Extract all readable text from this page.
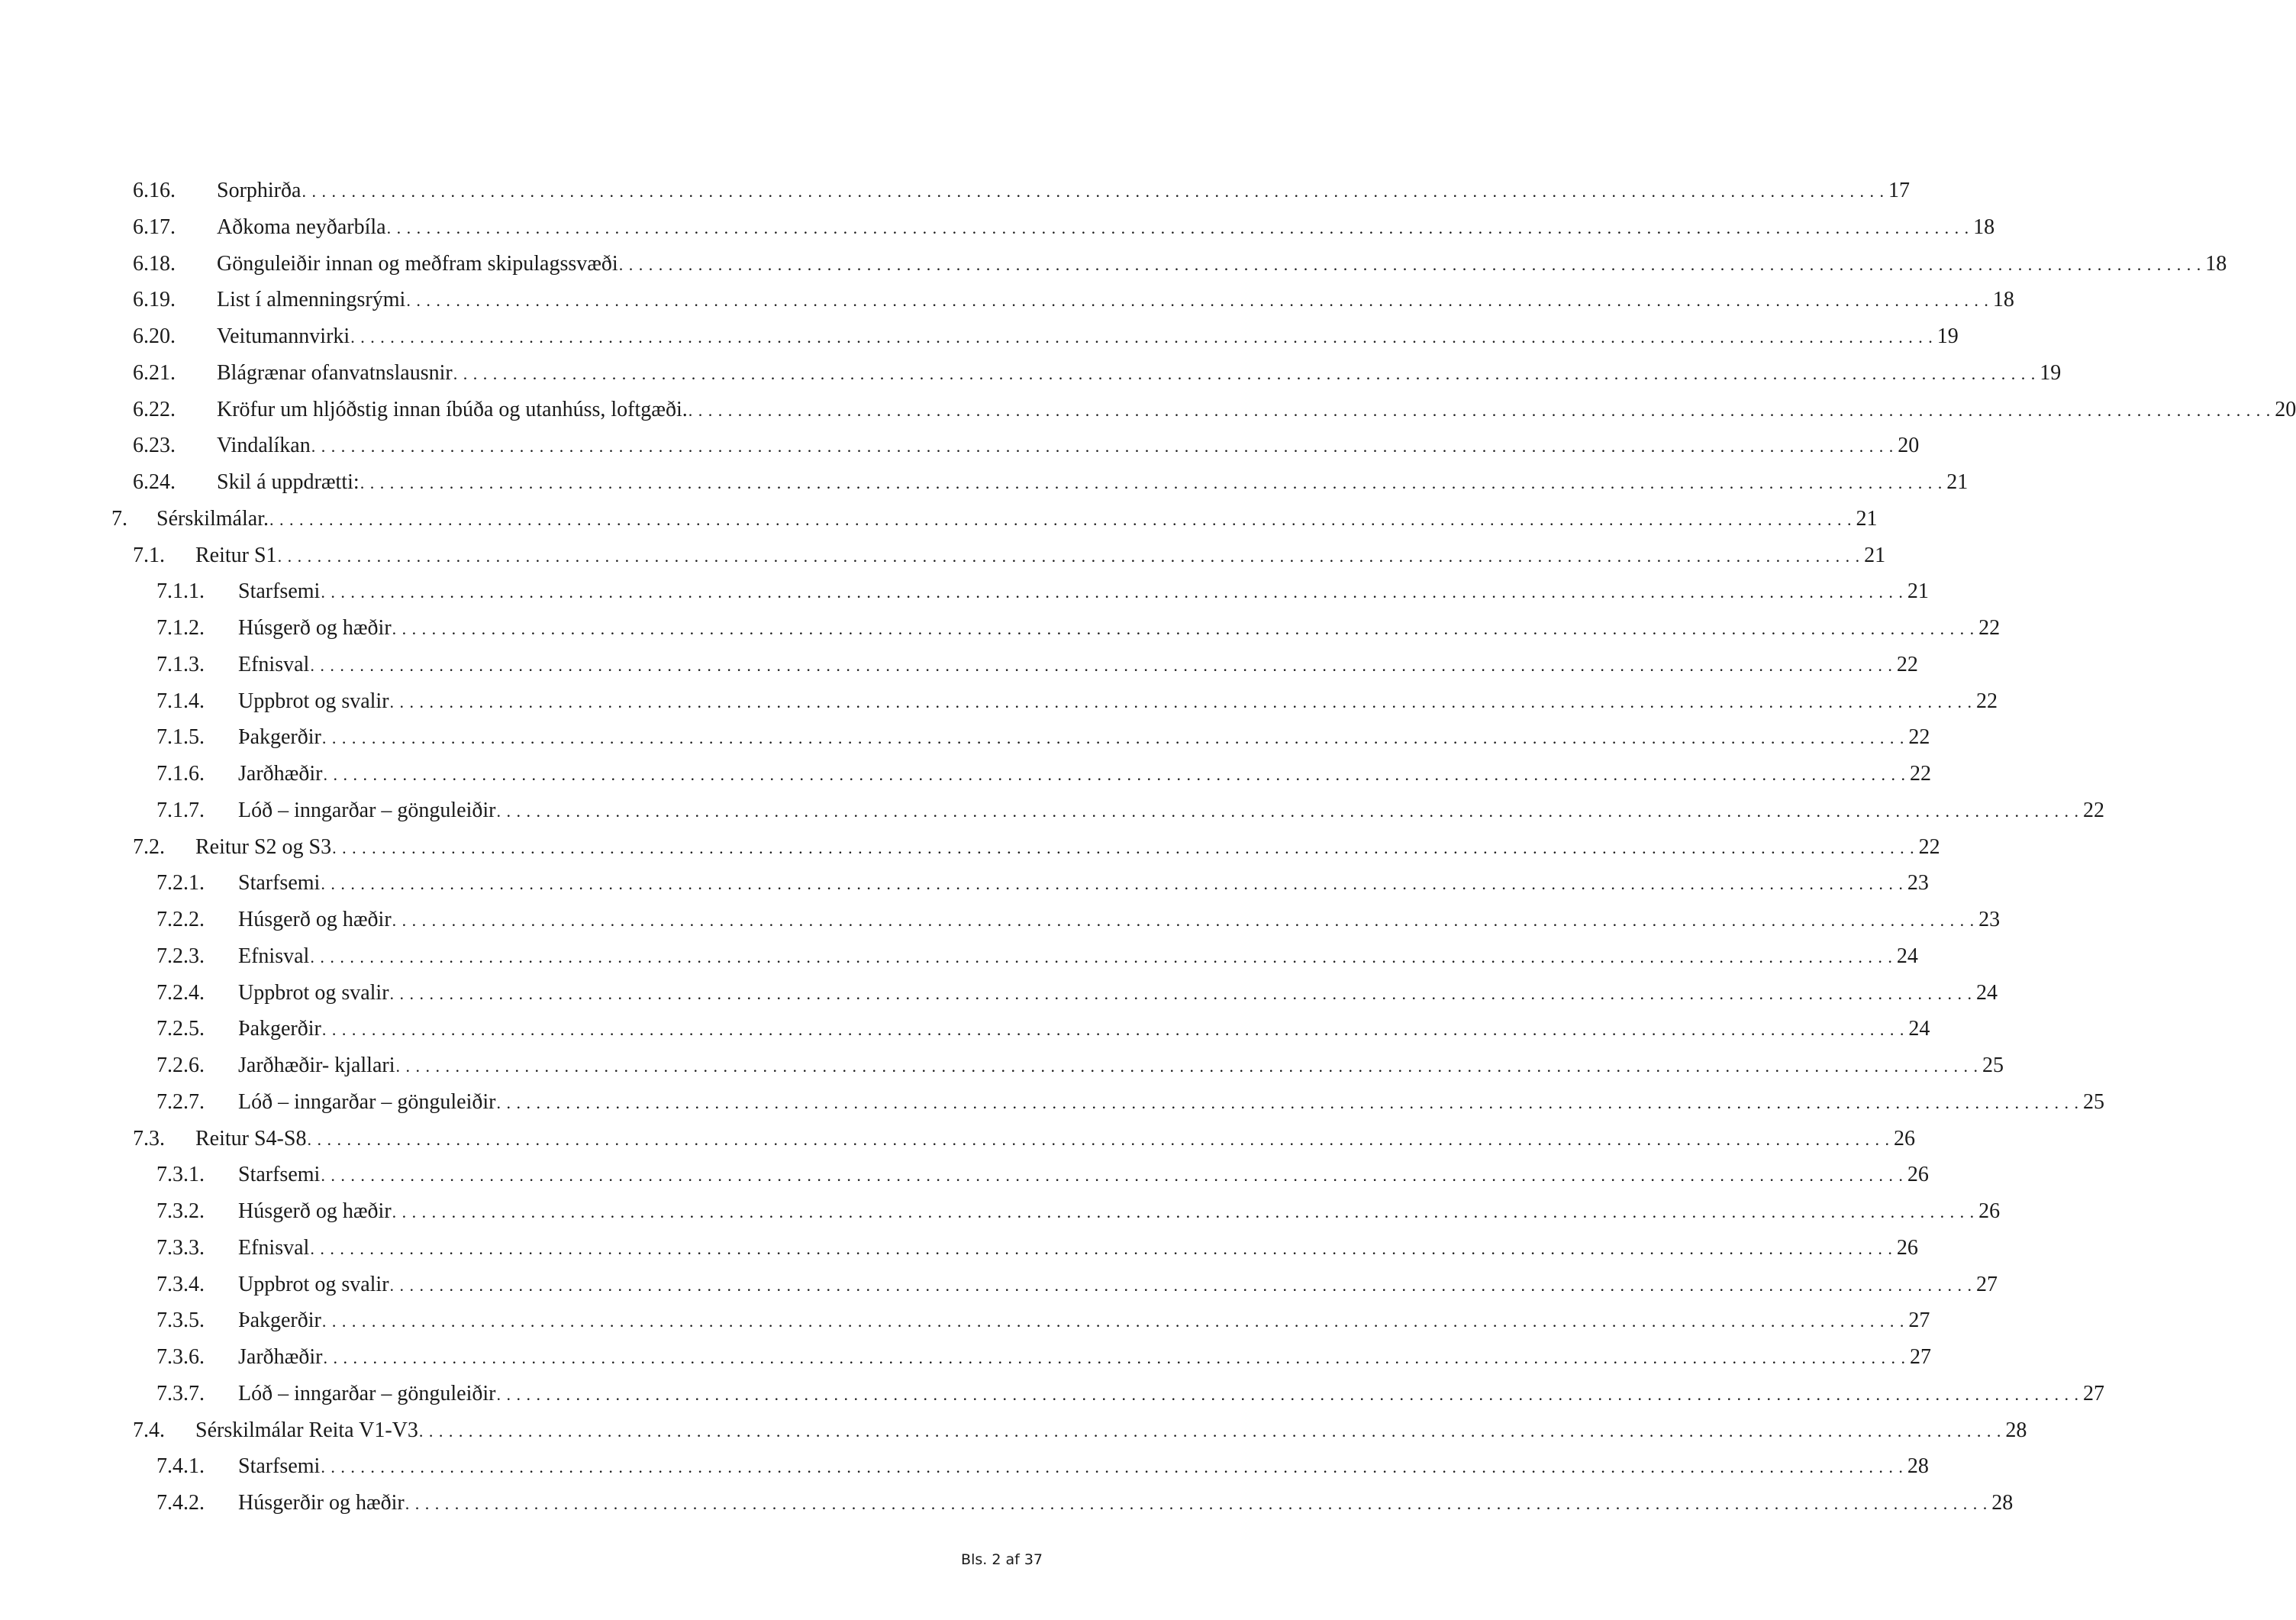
6.16. Sorphirða . . . . . . . . . . . . . . . . . . . . . . . . . . . . . . . . . . . . . . . . . . . . . . . . . . . . . . . . . . . . . . . . . . . . . . . . . . . . . . . . . . . . . . . . . . . . . . . . . . . . . . . . . . . . . . . . . . . . . . . . . . . . . . . . . . . . . . . . . . . . . . . . . . . . . . . . . . . . . . . . 17
6.17. Aðkoma neyðarbíla . . . . . . . . . . . . . . . . . . . . . . . . . . . . . . . . . . . . . . . . . . . . . . . . . . . . . . . . . . . . . . . . . . . . . . . . . . . . . . . . . . . . . . . . . . . . . . . . . . . . . . . . . . . . . . . . . . . . . . . . . . . . . . . . . . . . . . . . . . . . . . . . . . . . . . . . . . . . . . . . 18
6.18. Gönguleiðir innan og meðfram skipulagssvæði . . . . . . . . . . . . . . . . . . . . . . . . . . . . . . . . . . . . . . . . . . . . . . . . . . . . . . . . . . . . . . . . . . . . . . . . . . . . . . . . . . . . . . . . . . . . . . . . . . . . . . . . . . . . . . . . . . . . . . . . . . . . . . . . . . . . . . . . . . . . . . . . . . . . . . . . . . . . . . . . 18
6.19. List í almenningsrými . . . . . . . . . . . . . . . . . . . . . . . . . . . . . . . . . . . . . . . . . . . . . . . . . . . . . . . . . . . . . . . . . . . . . . . . . . . . . . . . . . . . . . . . . . . . . . . . . . . . . . . . . . . . . . . . . . . . . . . . . . . . . . . . . . . . . . . . . . . . . . . . . . . . . . . . . . . . . . . . 18
6.20. Veitumannvirki . . . . . . . . . . . . . . . . . . . . . . . . . . . . . . . . . . . . . . . . . . . . . . . . . . . . . . . . . . . . . . . . . . . . . . . . . . . . . . . . . . . . . . . . . . . . . . . . . . . . . . . . . . . . . . . . . . . . . . . . . . . . . . . . . . . . . . . . . . . . . . . . . . . . . . . . . . . . . . . . 19
6.21. Blágrænar ofanvatnslausnir . . . . . . . . . . . . . . . . . . . . . . . . . . . . . . . . . . . . . . . . . . . . . . . . . . . . . . . . . . . . . . . . . . . . . . . . . . . . . . . . . . . . . . . . . . . . . . . . . . . . . . . . . . . . . . . . . . . . . . . . . . . . . . . . . . . . . . . . . . . . . . . . . . . . . . . . . . . . . . . . 19
6.22. Kröfur um hljóðstig innan íbúða og utanhúss, loftgæði. . . . . . . . . . . . . . . . . . . . . . . . . . . . . . . . . . . . . . . . . . . . . . . . . . . . . . . . . . . . . . . . . . . . . . . . . . . . . . . . . . . . . . . . . . . . . . . . . . . . . . . . . . . . . . . . . . . . . . . . . . . . . . . . . . . . . . . . . . . . . . . . . . . . . . . . . . . . . . . . . 20
6.23. Vindalíkan . . . . . . . . . . . . . . . . . . . . . . . . . . . . . . . . . . . . . . . . . . . . . . . . . . . . . . . . . . . . . . . . . . . . . . . . . . . . . . . . . . . . . . . . . . . . . . . . . . . . . . . . . . . . . . . . . . . . . . . . . . . . . . . . . . . . . . . . . . . . . . . . . . . . . . . . . . . . . . . . 20
6.24. Skil á uppdrætti: . . . . . . . . . . . . . . . . . . . . . . . . . . . . . . . . . . . . . . . . . . . . . . . . . . . . . . . . . . . . . . . . . . . . . . . . . . . . . . . . . . . . . . . . . . . . . . . . . . . . . . . . . . . . . . . . . . . . . . . . . . . . . . . . . . . . . . . . . . . . . . . . . . . . . . . . . . . . . . . . 21
7. Sérskilmálar. . . . . . . . . . . . . . . . . . . . . . . . . . . . . . . . . . . . . . . . . . . . . . . . . . . . . . . . . . . . . . . . . . . . . . . . . . . . . . . . . . . . . . . . . . . . . . . . . . . . . . . . . . . . . . . . . . . . . . . . . . . . . . . . . . . . . . . . . . . . . . . . . . . . . . . . . . . . . . . . . 21
7.1. Reitur S1 . . . . . . . . . . . . . . . . . . . . . . . . . . . . . . . . . . . . . . . . . . . . . . . . . . . . . . . . . . . . . . . . . . . . . . . . . . . . . . . . . . . . . . . . . . . . . . . . . . . . . . . . . . . . . . . . . . . . . . . . . . . . . . . . . . . . . . . . . . . . . . . . . . . . . . . . . . . . . . . . 21
7.1.1. Starfsemi . . . . . . . . . . . . . . . . . . . . . . . . . . . . . . . . . . . . . . . . . . . . . . . . . . . . . . . . . . . . . . . . . . . . . . . . . . . . . . . . . . . . . . . . . . . . . . . . . . . . . . . . . . . . . . . . . . . . . . . . . . . . . . . . . . . . . . . . . . . . . . . . . . . . . . . . . . . . . . . . 21
7.1.2. Húsgerð og hæðir . . . . . . . . . . . . . . . . . . . . . . . . . . . . . . . . . . . . . . . . . . . . . . . . . . . . . . . . . . . . . . . . . . . . . . . . . . . . . . . . . . . . . . . . . . . . . . . . . . . . . . . . . . . . . . . . . . . . . . . . . . . . . . . . . . . . . . . . . . . . . . . . . . . . . . . . . . . . . . . . 22
7.1.3. Efnisval . . . . . . . . . . . . . . . . . . . . . . . . . . . . . . . . . . . . . . . . . . . . . . . . . . . . . . . . . . . . . . . . . . . . . . . . . . . . . . . . . . . . . . . . . . . . . . . . . . . . . . . . . . . . . . . . . . . . . . . . . . . . . . . . . . . . . . . . . . . . . . . . . . . . . . . . . . . . . . . . 22
7.1.4. Uppbrot og svalir . . . . . . . . . . . . . . . . . . . . . . . . . . . . . . . . . . . . . . . . . . . . . . . . . . . . . . . . . . . . . . . . . . . . . . . . . . . . . . . . . . . . . . . . . . . . . . . . . . . . . . . . . . . . . . . . . . . . . . . . . . . . . . . . . . . . . . . . . . . . . . . . . . . . . . . . . . . . . . . . 22
7.1.5. Þakgerðir . . . . . . . . . . . . . . . . . . . . . . . . . . . . . . . . . . . . . . . . . . . . . . . . . . . . . . . . . . . . . . . . . . . . . . . . . . . . . . . . . . . . . . . . . . . . . . . . . . . . . . . . . . . . . . . . . . . . . . . . . . . . . . . . . . . . . . . . . . . . . . . . . . . . . . . . . . . . . . . . 22
7.1.6. Jarðhæðir . . . . . . . . . . . . . . . . . . . . . . . . . . . . . . . . . . . . . . . . . . . . . . . . . . . . . . . . . . . . . . . . . . . . . . . . . . . . . . . . . . . . . . . . . . . . . . . . . . . . . . . . . . . . . . . . . . . . . . . . . . . . . . . . . . . . . . . . . . . . . . . . . . . . . . . . . . . . . . . . 22
7.1.7. Lóð – inngarðar – gönguleiðir . . . . . . . . . . . . . . . . . . . . . . . . . . . . . . . . . . . . . . . . . . . . . . . . . . . . . . . . . . . . . . . . . . . . . . . . . . . . . . . . . . . . . . . . . . . . . . . . . . . . . . . . . . . . . . . . . . . . . . . . . . . . . . . . . . . . . . . . . . . . . . . . . . . . . . . . . . . . . . . . 22
7.2. Reitur S2 og S3 . . . . . . . . . . . . . . . . . . . . . . . . . . . . . . . . . . . . . . . . . . . . . . . . . . . . . . . . . . . . . . . . . . . . . . . . . . . . . . . . . . . . . . . . . . . . . . . . . . . . . . . . . . . . . . . . . . . . . . . . . . . . . . . . . . . . . . . . . . . . . . . . . . . . . . . . . . . . . . . . 22
7.2.1. Starfsemi . . . . . . . . . . . . . . . . . . . . . . . . . . . . . . . . . . . . . . . . . . . . . . . . . . . . . . . . . . . . . . . . . . . . . . . . . . . . . . . . . . . . . . . . . . . . . . . . . . . . . . . . . . . . . . . . . . . . . . . . . . . . . . . . . . . . . . . . . . . . . . . . . . . . . . . . . . . . . . . . 23
7.2.2. Húsgerð og hæðir . . . . . . . . . . . . . . . . . . . . . . . . . . . . . . . . . . . . . . . . . . . . . . . . . . . . . . . . . . . . . . . . . . . . . . . . . . . . . . . . . . . . . . . . . . . . . . . . . . . . . . . . . . . . . . . . . . . . . . . . . . . . . . . . . . . . . . . . . . . . . . . . . . . . . . . . . . . . . . . . 23
7.2.3. Efnisval . . . . . . . . . . . . . . . . . . . . . . . . . . . . . . . . . . . . . . . . . . . . . . . . . . . . . . . . . . . . . . . . . . . . . . . . . . . . . . . . . . . . . . . . . . . . . . . . . . . . . . . . . . . . . . . . . . . . . . . . . . . . . . . . . . . . . . . . . . . . . . . . . . . . . . . . . . . . . . . . 24
7.2.4. Uppbrot og svalir . . . . . . . . . . . . . . . . . . . . . . . . . . . . . . . . . . . . . . . . . . . . . . . . . . . . . . . . . . . . . . . . . . . . . . . . . . . . . . . . . . . . . . . . . . . . . . . . . . . . . . . . . . . . . . . . . . . . . . . . . . . . . . . . . . . . . . . . . . . . . . . . . . . . . . . . . . . . . . . . 24
7.2.5. Þakgerðir . . . . . . . . . . . . . . . . . . . . . . . . . . . . . . . . . . . . . . . . . . . . . . . . . . . . . . . . . . . . . . . . . . . . . . . . . . . . . . . . . . . . . . . . . . . . . . . . . . . . . . . . . . . . . . . . . . . . . . . . . . . . . . . . . . . . . . . . . . . . . . . . . . . . . . . . . . . . . . . . 24
7.2.6. Jarðhæðir- kjallari . . . . . . . . . . . . . . . . . . . . . . . . . . . . . . . . . . . . . . . . . . . . . . . . . . . . . . . . . . . . . . . . . . . . . . . . . . . . . . . . . . . . . . . . . . . . . . . . . . . . . . . . . . . . . . . . . . . . . . . . . . . . . . . . . . . . . . . . . . . . . . . . . . . . . . . . . . . . . . . . 25
7.2.7. Lóð – inngarðar – gönguleiðir . . . . . . . . . . . . . . . . . . . . . . . . . . . . . . . . . . . . . . . . . . . . . . . . . . . . . . . . . . . . . . . . . . . . . . . . . . . . . . . . . . . . . . . . . . . . . . . . . . . . . . . . . . . . . . . . . . . . . . . . . . . . . . . . . . . . . . . . . . . . . . . . . . . . . . . . . . . . . . . . 25
7.3. Reitur S4-S8 . . . . . . . . . . . . . . . . . . . . . . . . . . . . . . . . . . . . . . . . . . . . . . . . . . . . . . . . . . . . . . . . . . . . . . . . . . . . . . . . . . . . . . . . . . . . . . . . . . . . . . . . . . . . . . . . . . . . . . . . . . . . . . . . . . . . . . . . . . . . . . . . . . . . . . . . . . . . . . . . 26
7.3.1. Starfsemi . . . . . . . . . . . . . . . . . . . . . . . . . . . . . . . . . . . . . . . . . . . . . . . . . . . . . . . . . . . . . . . . . . . . . . . . . . . . . . . . . . . . . . . . . . . . . . . . . . . . . . . . . . . . . . . . . . . . . . . . . . . . . . . . . . . . . . . . . . . . . . . . . . . . . . . . . . . . . . . . 26
7.3.2. Húsgerð og hæðir . . . . . . . . . . . . . . . . . . . . . . . . . . . . . . . . . . . . . . . . . . . . . . . . . . . . . . . . . . . . . . . . . . . . . . . . . . . . . . . . . . . . . . . . . . . . . . . . . . . . . . . . . . . . . . . . . . . . . . . . . . . . . . . . . . . . . . . . . . . . . . . . . . . . . . . . . . . . . . . . 26
7.3.3. Efnisval . . . . . . . . . . . . . . . . . . . . . . . . . . . . . . . . . . . . . . . . . . . . . . . . . . . . . . . . . . . . . . . . . . . . . . . . . . . . . . . . . . . . . . . . . . . . . . . . . . . . . . . . . . . . . . . . . . . . . . . . . . . . . . . . . . . . . . . . . . . . . . . . . . . . . . . . . . . . . . . . 26
7.3.4. Uppbrot og svalir . . . . . . . . . . . . . . . . . . . . . . . . . . . . . . . . . . . . . . . . . . . . . . . . . . . . . . . . . . . . . . . . . . . . . . . . . . . . . . . . . . . . . . . . . . . . . . . . . . . . . . . . . . . . . . . . . . . . . . . . . . . . . . . . . . . . . . . . . . . . . . . . . . . . . . . . . . . . . . . . 27
7.3.5. Þakgerðir . . . . . . . . . . . . . . . . . . . . . . . . . . . . . . . . . . . . . . . . . . . . . . . . . . . . . . . . . . . . . . . . . . . . . . . . . . . . . . . . . . . . . . . . . . . . . . . . . . . . . . . . . . . . . . . . . . . . . . . . . . . . . . . . . . . . . . . . . . . . . . . . . . . . . . . . . . . . . . . . 27
7.3.6. Jarðhæðir . . . . . . . . . . . . . . . . . . . . . . . . . . . . . . . . . . . . . . . . . . . . . . . . . . . . . . . . . . . . . . . . . . . . . . . . . . . . . . . . . . . . . . . . . . . . . . . . . . . . . . . . . . . . . . . . . . . . . . . . . . . . . . . . . . . . . . . . . . . . . . . . . . . . . . . . . . . . . . . . 27
7.3.7. Lóð – inngarðar – gönguleiðir . . . . . . . . . . . . . . . . . . . . . . . . . . . . . . . . . . . . . . . . . . . . . . . . . . . . . . . . . . . . . . . . . . . . . . . . . . . . . . . . . . . . . . . . . . . . . . . . . . . . . . . . . . . . . . . . . . . . . . . . . . . . . . . . . . . . . . . . . . . . . . . . . . . . . . . . . . . . . . . . 27
7.4. Sérskilmálar Reita V1-V3 . . . . . . . . . . . . . . . . . . . . . . . . . . . . . . . . . . . . . . . . . . . . . . . . . . . . . . . . . . . . . . . . . . . . . . . . . . . . . . . . . . . . . . . . . . . . . . . . . . . . . . . . . . . . . . . . . . . . . . . . . . . . . . . . . . . . . . . . . . . . . . . . . . . . . . . . . . . . . . . . 28
7.4.1. Starfsemi . . . . . . . . . . . . . . . . . . . . . . . . . . . . . . . . . . . . . . . . . . . . . . . . . . . . . . . . . . . . . . . . . . . . . . . . . . . . . . . . . . . . . . . . . . . . . . . . . . . . . . . . . . . . . . . . . . . . . . . . . . . . . . . . . . . . . . . . . . . . . . . . . . . . . . . . . . . . . . . . 28
7.4.2. Húsgerðir og hæðir . . . . . . . . . . . . . . . . . . . . . . . . . . . . . . . . . . . . . . . . . . . . . . . . . . . . . . . . . . . . . . . . . . . . . . . . . . . . . . . . . . . . . . . . . . . . . . . . . . . . . . . . . . . . . . . . . . . . . . . . . . . . . . . . . . . . . . . . . . . . . . . . . . . . . . . . . . . . . . . . 28
Bls. 2 af 37
